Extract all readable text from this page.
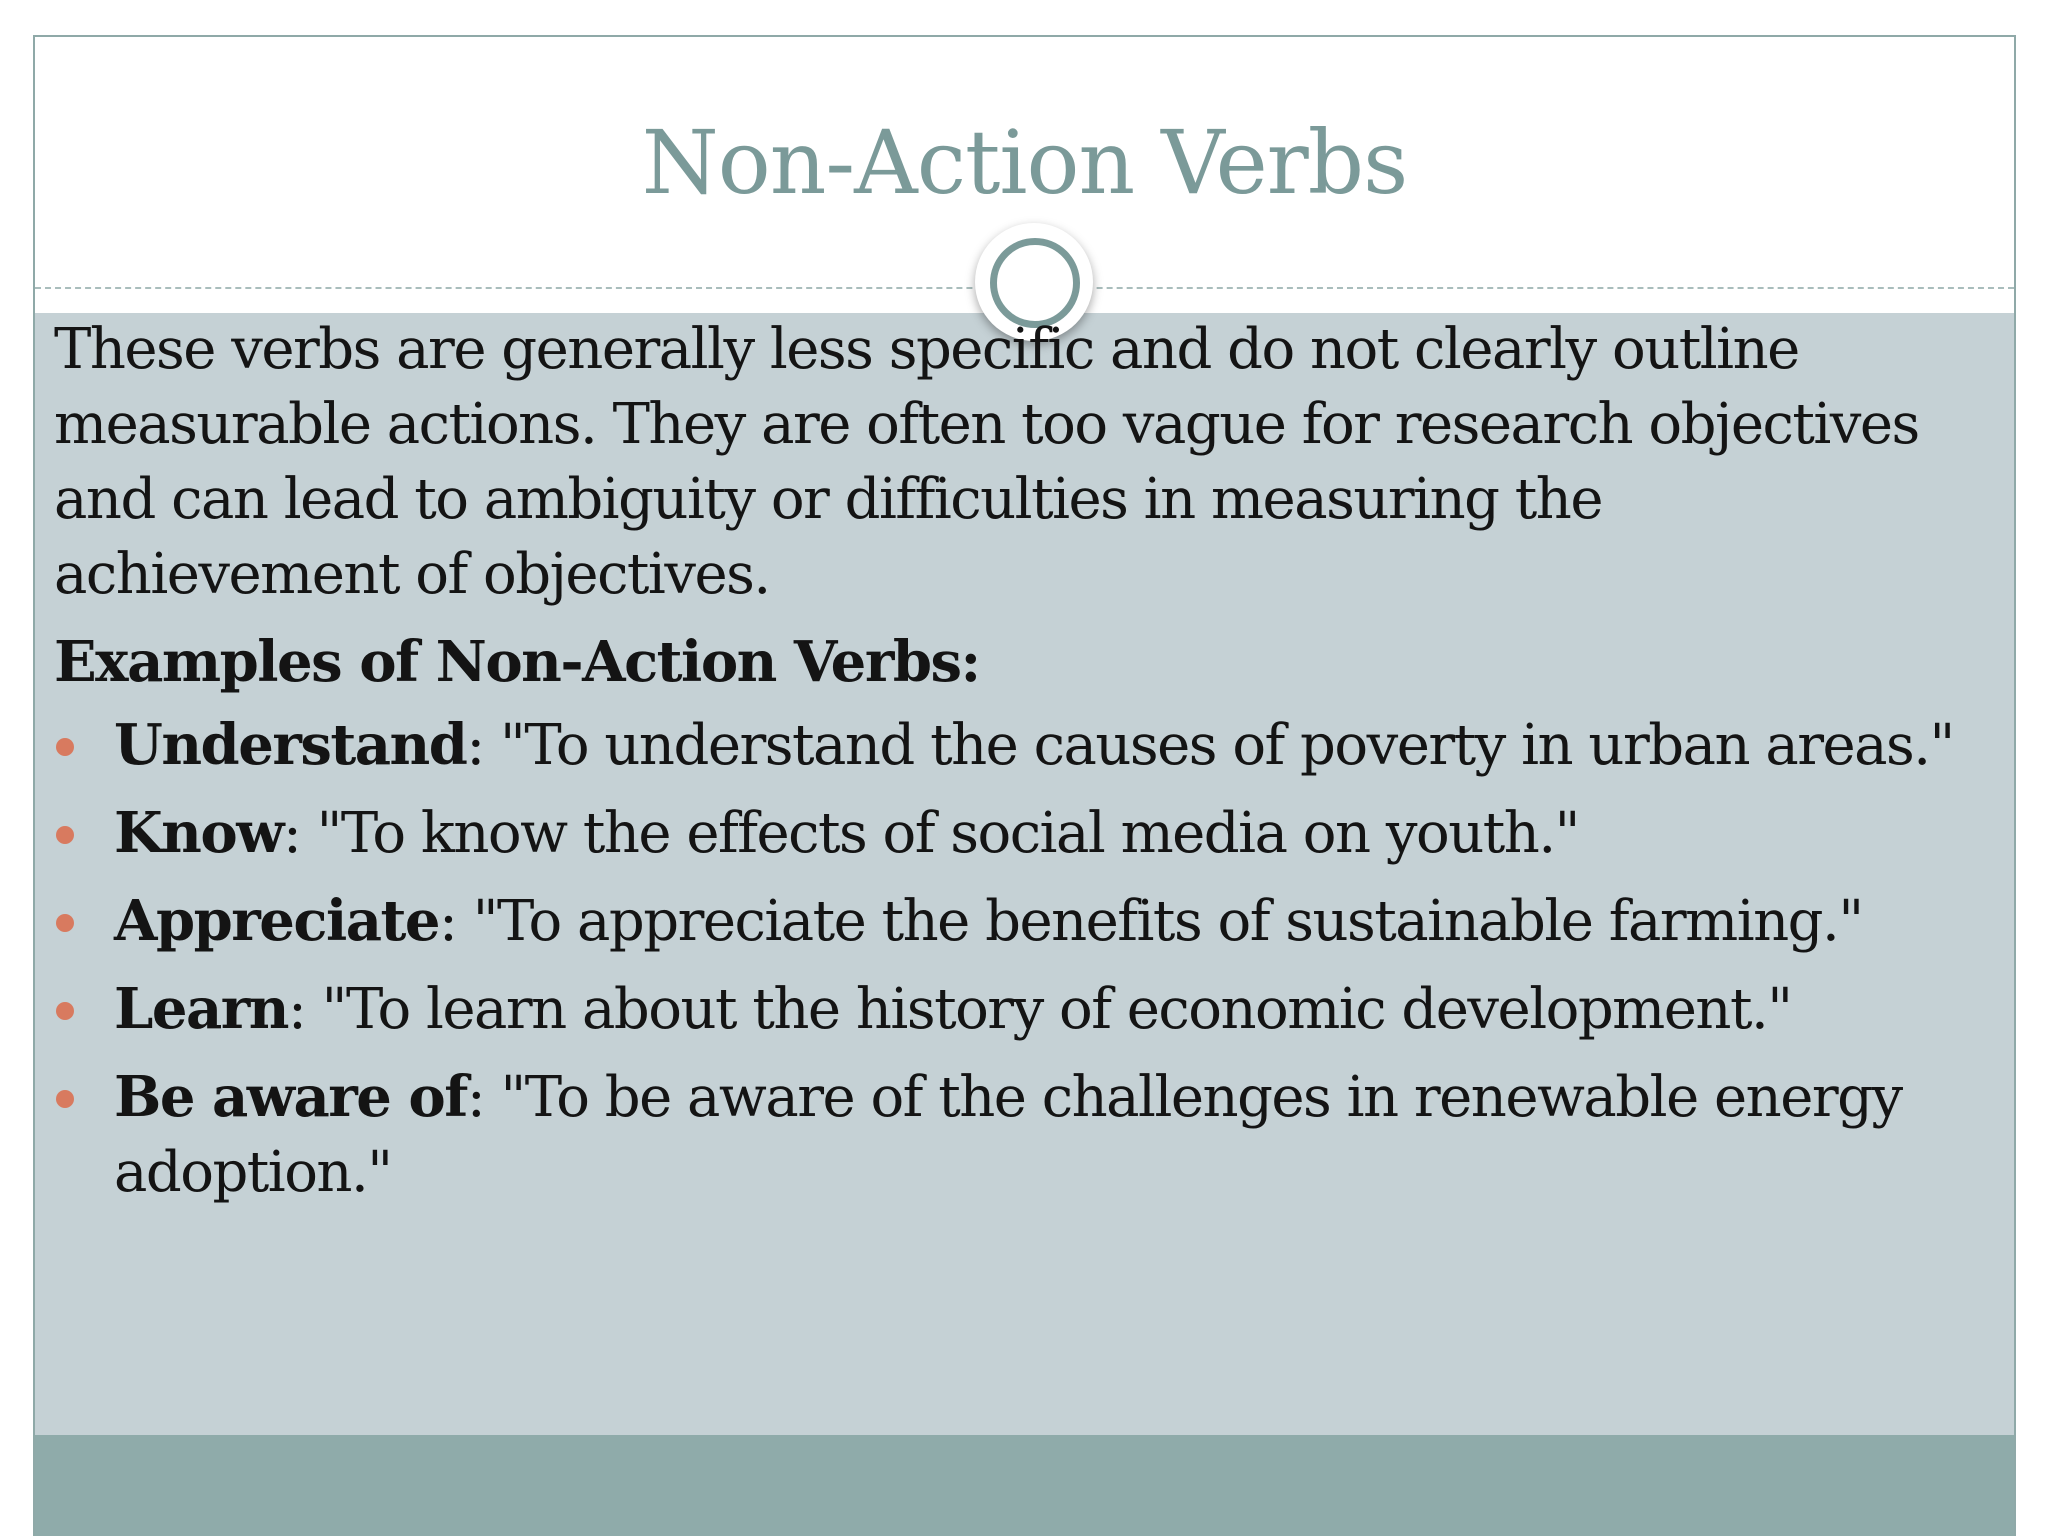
Non-Action Verbs

These verbs are generally less specific and do not clearly outline measurable actions. They are often too vague for research objectives and can lead to ambiguity or difficulties in measuring the achievement of objectives.

Examples of Non-Action Verbs:

Understand: "To understand the causes of poverty in urban areas."
Know: "To know the effects of social media on youth."
Appreciate: "To appreciate the benefits of sustainable farming."
Learn: "To learn about the history of economic development."
Be aware of: "To be aware of the challenges in renewable energy adoption."
